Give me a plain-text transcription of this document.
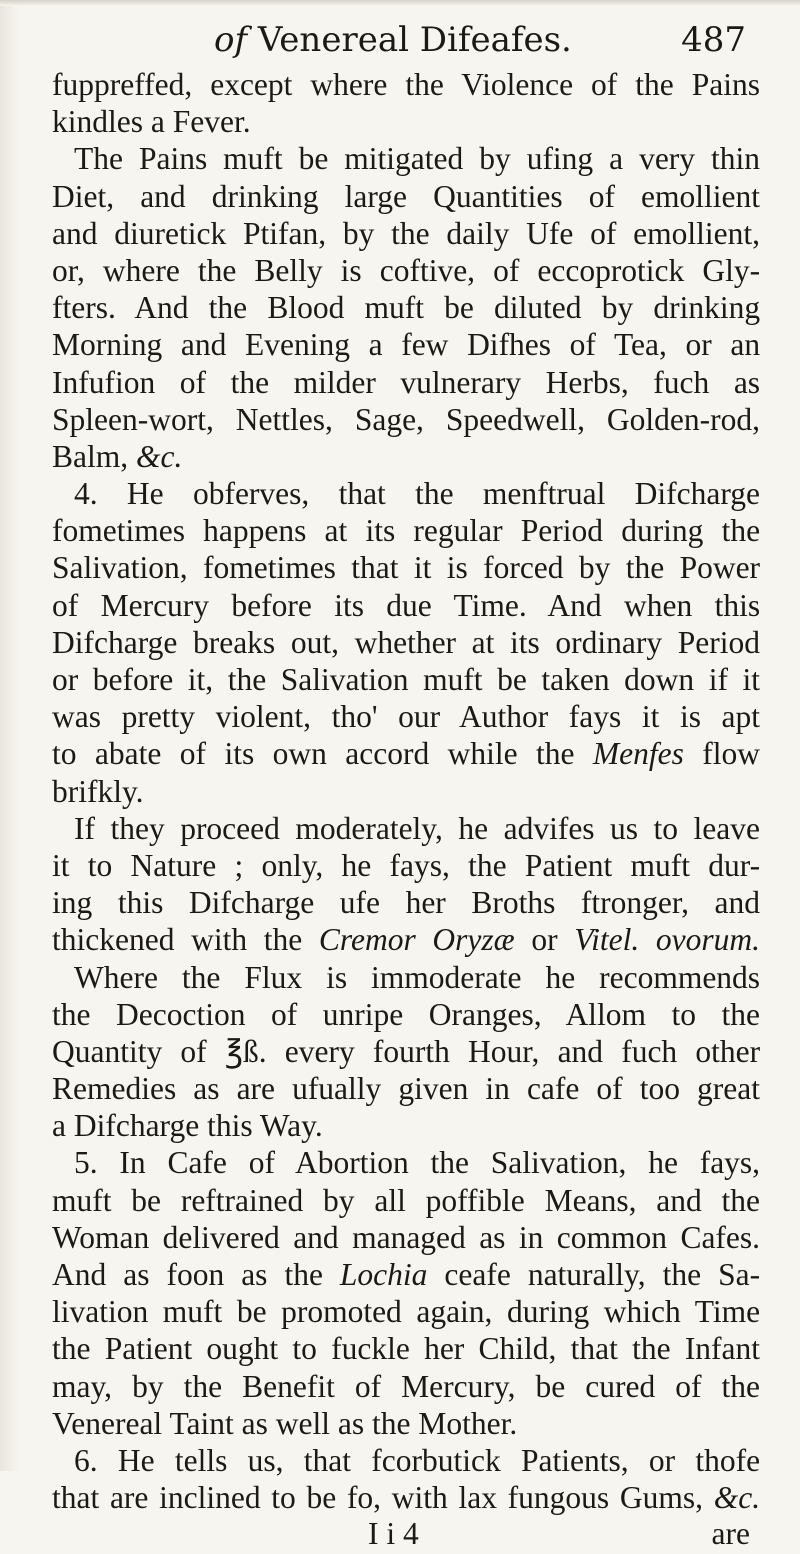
of Venereal Difeafes.	487
fuppreffed, except where the Violence of the Pains
kindles a Fever.
The Pains muft be mitigated by ufing a very thin
Diet, and drinking large Quantities of emollient
and diuretick Ptifan, by the daily Ufe of emollient,
or, where the Belly is coftive, of eccoprotick Gly-
fters. And the Blood muft be diluted by drinking
Morning and Evening a few Difhes of Tea, or an
Infufion of the milder vulnerary Herbs, fuch as
Spleen-wort, Nettles, Sage, Speedwell, Golden-rod,
Balm, &c.
4. He obferves, that the menftrual Difcharge
fometimes happens at its regular Period during the
Salivation, fometimes that it is forced by the Power
of Mercury before its due Time. And when this
Difcharge breaks out, whether at its ordinary Period
or before it, the Salivation muft be taken down if it
was pretty violent, tho' our Author fays it is apt
to abate of its own accord while the Menfes flow
brifkly.
If they proceed moderately, he advifes us to leave
it to Nature ; only, he fays, the Patient muft dur-
ing this Difcharge ufe her Broths ftronger, and
thickened with the Cremor Oryzæ or Vitel. ovorum.
Where the Flux is immoderate he recommends
the Decoction of unripe Oranges, Allom to the
Quantity of ℥ß. every fourth Hour, and fuch other
Remedies as are ufually given in cafe of too great
a Difcharge this Way.
5. In Cafe of Abortion the Salivation, he fays,
muft be reftrained by all poffible Means, and the
Woman delivered and managed as in common Cafes.
And as foon as the Lochia ceafe naturally, the Sa-
livation muft be promoted again, during which Time
the Patient ought to fuckle her Child, that the Infant
may, by the Benefit of Mercury, be cured of the
Venereal Taint as well as the Mother.
6. He tells us, that fcorbutick Patients, or thofe
that are inclined to be fo, with lax fungous Gums, &c.
I i 4	are
